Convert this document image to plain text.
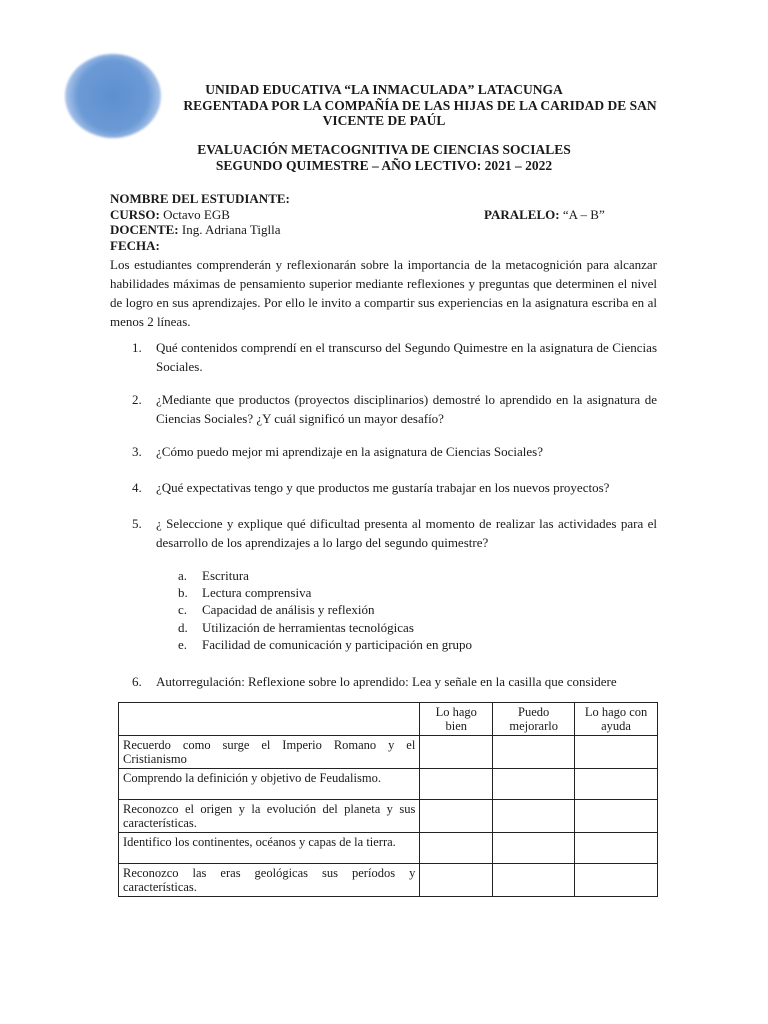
UNIDAD EDUCATIVA “LA INMACULADA” LATACUNGA
REGENTADA POR LA COMPAÑÍA DE LAS HIJAS DE LA CARIDAD DE SAN
VICENTE DE PAÚL
EVALUACIÓN METACOGNITIVA DE CIENCIAS SOCIALES
SEGUNDO QUIMESTRE – AÑO LECTIVO: 2021 – 2022
NOMBRE DEL ESTUDIANTE:
CURSO: Octavo EGB	PARALELO: “A – B”
DOCENTE: Ing. Adriana Tiglla
FECHA:
Los estudiantes comprenderán y reflexionarán sobre la importancia de la metacognición para alcanzar habilidades máximas de pensamiento superior mediante reflexiones y preguntas que determinen el nivel de logro en sus aprendizajes. Por ello le invito a compartir sus experiencias en la asignatura escriba en al menos 2 líneas.
1.	Qué contenidos comprendí en el transcurso del Segundo Quimestre en la asignatura de Ciencias Sociales.
2.	¿Mediante que productos (proyectos disciplinarios) demostré lo aprendido en la asignatura de Ciencias Sociales? ¿Y cuál significó un mayor desafío?
3.	¿Cómo puedo mejor mi aprendizaje en la asignatura de Ciencias Sociales?
4.	¿Qué expectativas tengo y que productos me gustaría trabajar en los nuevos proyectos?
5.	¿ Seleccione y explique qué dificultad presenta al momento de realizar las actividades para el desarrollo de los aprendizajes a lo largo del segundo quimestre?
a.	Escritura
b.	Lectura comprensiva
c.	Capacidad de análisis y reflexión
d.	Utilización de herramientas tecnológicas
e.	Facilidad de comunicación y participación en grupo
6.	Autorregulación: Reflexione sobre lo aprendido: Lea y señale en la casilla que considere
	Lo hago bien	Puedo mejorarlo	Lo hago con ayuda
Recuerdo como surge el Imperio Romano y el Cristianismo			
Comprendo la definición y objetivo de Feudalismo.			
Reconozco el origen y la evolución del planeta y sus características.			
Identifico los continentes, océanos y capas de la tierra.			
Reconozco las eras geológicas sus períodos y características.			
